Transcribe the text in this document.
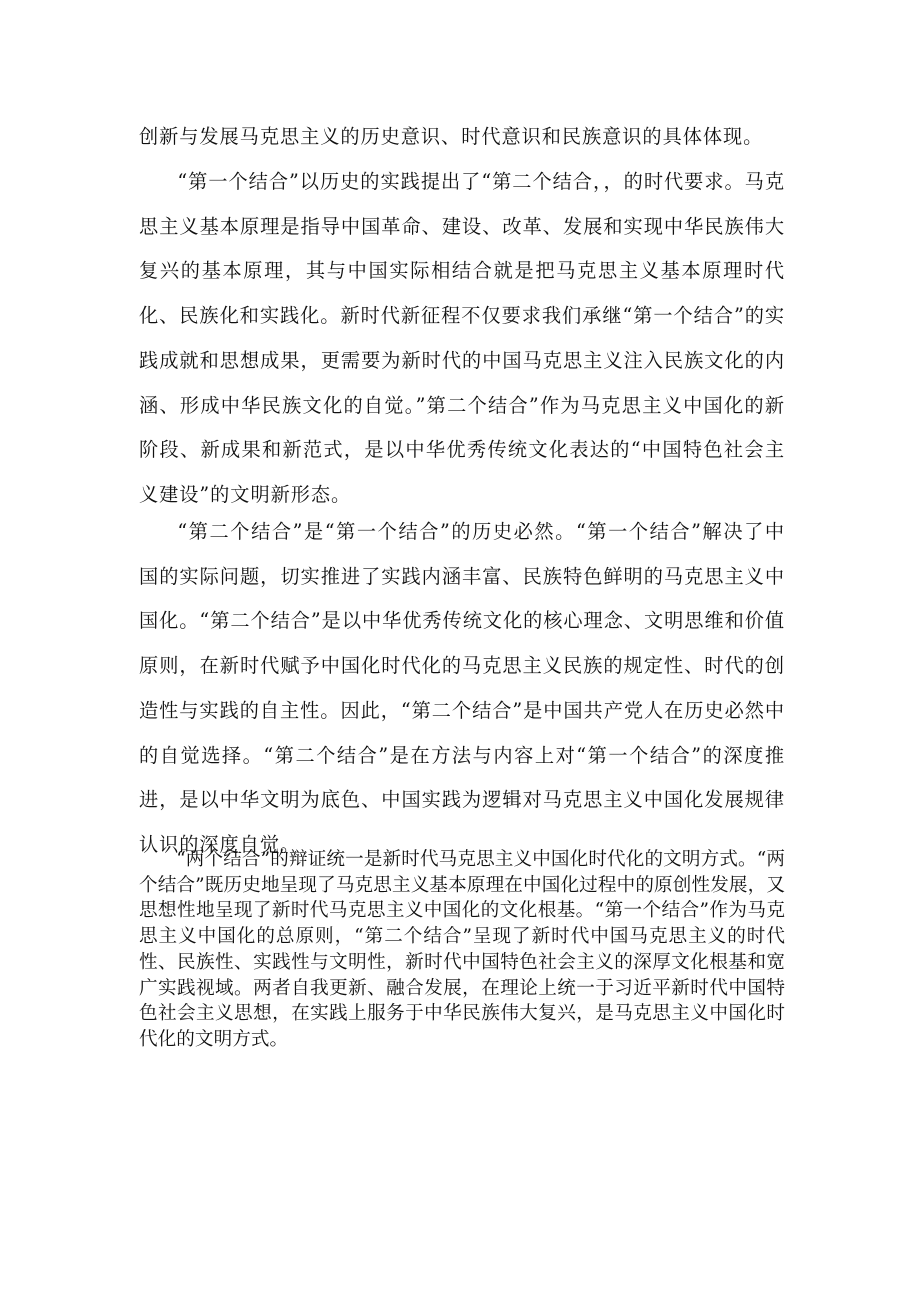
创新与发展马克思主义的历史意识、时代意识和民族意识的具体体现。

“第一个结合”以历史的实践提出了“第二个结合，，的时代要求。马克思主义基本原理是指导中国革命、建设、改革、发展和实现中华民族伟大复兴的基本原理，其与中国实际相结合就是把马克思主义基本原理时代化、民族化和实践化。新时代新征程不仅要求我们承继“第一个结合”的实践成就和思想成果，更需要为新时代的中国马克思主义注入民族文化的内涵、形成中华民族文化的自觉。”第二个结合”作为马克思主义中国化的新阶段、新成果和新范式，是以中华优秀传统文化表达的“中国特色社会主义建设”的文明新形态。

“第二个结合”是“第一个结合”的历史必然。“第一个结合”解决了中国的实际问题，切实推进了实践内涵丰富、民族特色鲜明的马克思主义中国化。“第二个结合”是以中华优秀传统文化的核心理念、文明思维和价值原则，在新时代赋予中国化时代化的马克思主义民族的规定性、时代的创造性与实践的自主性。因此，“第二个结合”是中国共产党人在历史必然中的自觉选择。“第二个结合”是在方法与内容上对“第一个结合”的深度推进，是以中华文明为底色、中国实践为逻辑对马克思主义中国化发展规律认识的深度自觉。

“两个结合”的辩证统一是新时代马克思主义中国化时代化的文明方式。“两个结合”既历史地呈现了马克思主义基本原理在中国化过程中的原创性发展，又思想性地呈现了新时代马克思主义中国化的文化根基。“第一个结合”作为马克思主义中国化的总原则，“第二个结合”呈现了新时代中国马克思主义的时代性、民族性、实践性与文明性，新时代中国特色社会主义的深厚文化根基和宽广实践视域。两者自我更新、融合发展，在理论上统一于习近平新时代中国特色社会主义思想，在实践上服务于中华民族伟大复兴，是马克思主义中国化时代化的文明方式。
